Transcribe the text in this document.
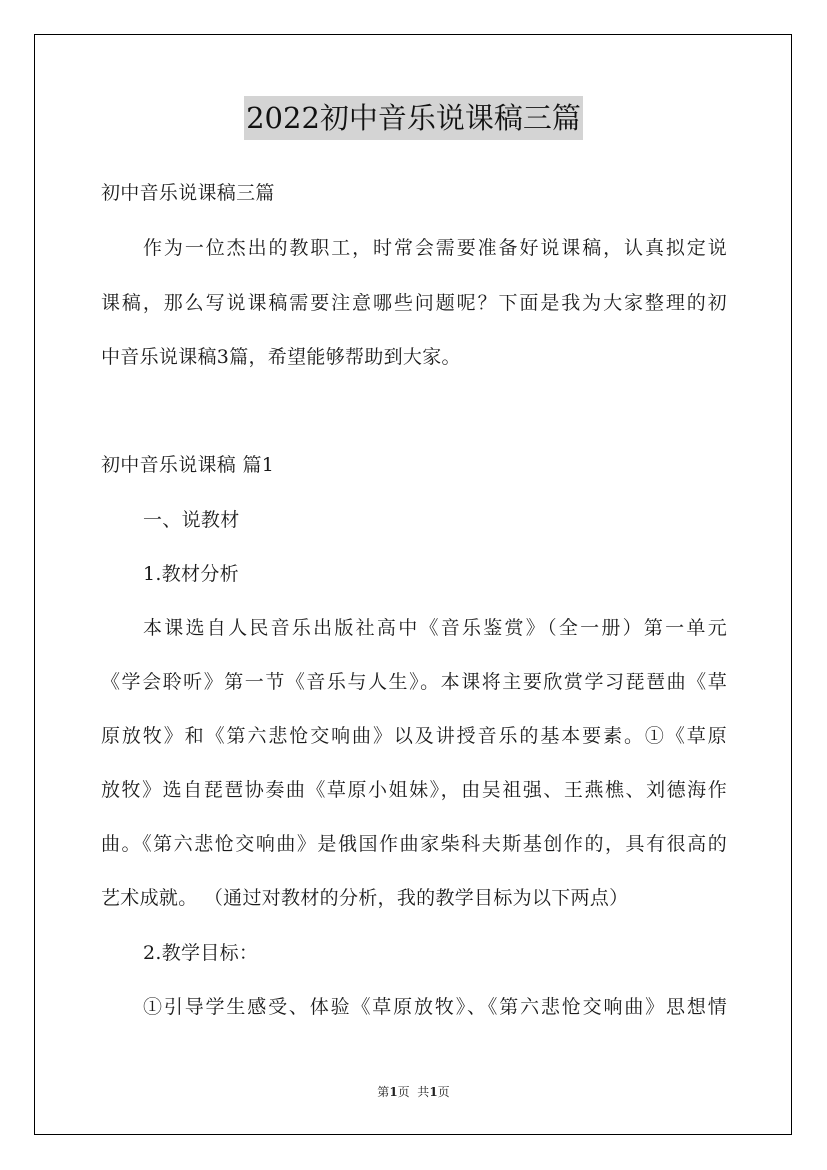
2022初中音乐说课稿三篇
初中音乐说课稿三篇
作为一位杰出的教职工，时常会需要准备好说课稿，认真拟定说
课稿，那么写说课稿需要注意哪些问题呢？下面是我为大家整理的初
中音乐说课稿3篇，希望能够帮助到大家。
初中音乐说课稿 篇1
一、说教材
1.教材分析
本课选自人民音乐出版社高中《音乐鉴赏》（全一册）第一单元
《学会聆听》第一节《音乐与人生》。本课将主要欣赏学习琵琶曲《草
原放牧》和《第六悲怆交响曲》以及讲授音乐的基本要素。①《草原
放牧》选自琵琶协奏曲《草原小姐妹》，由吴祖强、王燕樵、刘德海作
曲。《第六悲怆交响曲》是俄国作曲家柴科夫斯基创作的，具有很高的
艺术成就。 （通过对教材的分析，我的教学目标为以下两点）
2.教学目标：
①引导学生感受、体验《草原放牧》、《第六悲怆交响曲》思想情
第1页  共1页
